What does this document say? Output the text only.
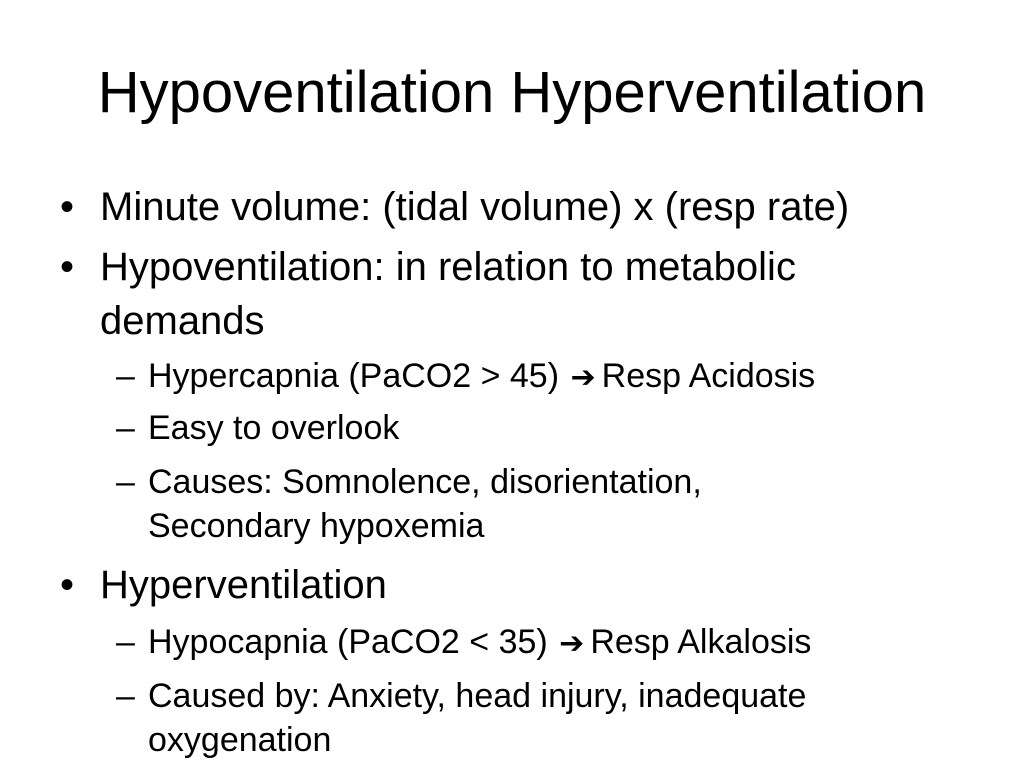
Hypoventilation Hyperventilation
• Minute volume: (tidal volume) x (resp rate)
• Hypoventilation: in relation to metabolic demands
– Hypercapnia (PaCO2 > 45) ➔ Resp Acidosis
– Easy to overlook
– Causes: Somnolence, disorientation, Secondary hypoxemia
• Hyperventilation
– Hypocapnia (PaCO2 < 35) ➔ Resp Alkalosis
– Caused by: Anxiety, head injury, inadequate oxygenation
